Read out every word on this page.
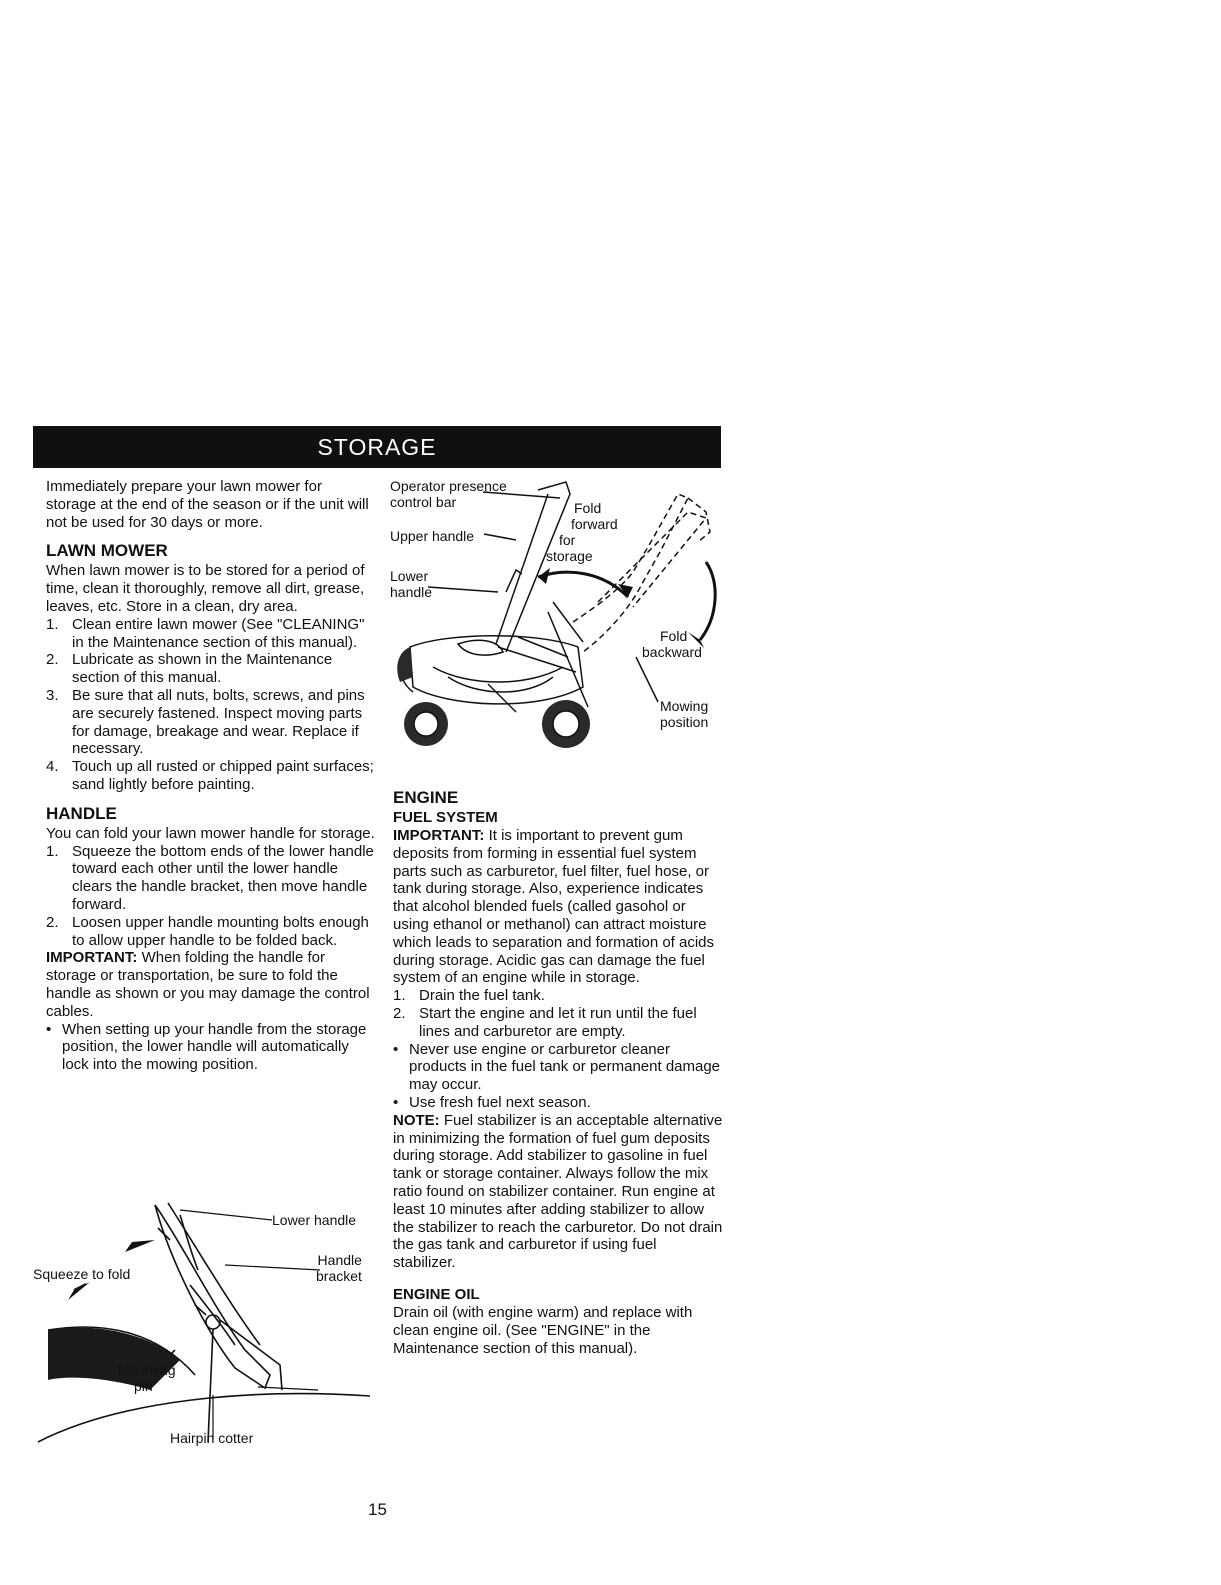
STORAGE

Immediately prepare your lawn mower for storage at the end of the season or if the unit will not be used for 30 days or more.

LAWN MOWER

When lawn mower is to be stored for a period of time, clean it thoroughly, remove all dirt, grease, leaves, etc. Store in a clean, dry area.

1. Clean entire lawn mower (See "CLEANING" in the Maintenance section of this manual).
2. Lubricate as shown in the Maintenance section of this manual.
3. Be sure that all nuts, bolts, screws, and pins are securely fastened. Inspect moving parts for damage, breakage and wear. Replace if necessary.
4. Touch up all rusted or chipped paint surfaces; sand lightly before painting.
HANDLE

You can fold your lawn mower handle for storage.

1. Squeeze the bottom ends of the lower handle toward each other until the lower handle clears the handle bracket, then move handle forward.
2. Loosen upper handle mounting bolts enough to allow upper handle to be folded back.

IMPORTANT: When folding the handle for storage or transportation, be sure to fold the handle as shown or you may damage the control cables.

• When setting up your handle from the storage position, the lower handle will automatically lock into the mowing position.
Lower handle
Handle
bracket
Squeeze to fold
Mounting
pin
Hairpin cotter
Operator presence
control bar
Upper handle
Lower
handle
Fold
forward
for
storage
Fold
backward
Mowing
position
ENGINE
FUEL SYSTEM

IMPORTANT: It is important to prevent gum deposits from forming in essential fuel system parts such as carburetor, fuel filter, fuel hose, or tank during storage. Also, experience indicates that alcohol blended fuels (called gasohol or using ethanol or methanol) can attract moisture which leads to separation and formation of acids during storage. Acidic gas can damage the fuel system of an engine while in storage.

1. Drain the fuel tank.
2. Start the engine and let it run until the fuel lines and carburetor are empty.
• Never use engine or carburetor cleaner products in the fuel tank or permanent damage may occur.
• Use fresh fuel next season.

NOTE: Fuel stabilizer is an acceptable alternative in minimizing the formation of fuel gum deposits during storage. Add stabilizer to gasoline in fuel tank or storage container. Always follow the mix ratio found on stabilizer container. Run engine at least 10 minutes after adding stabilizer to allow the stabilizer to reach the carburetor. Do not drain the gas tank and carburetor if using fuel stabilizer.

ENGINE OIL

Drain oil (with engine warm) and replace with clean engine oil. (See "ENGINE" in the Maintenance section of this manual).

15
